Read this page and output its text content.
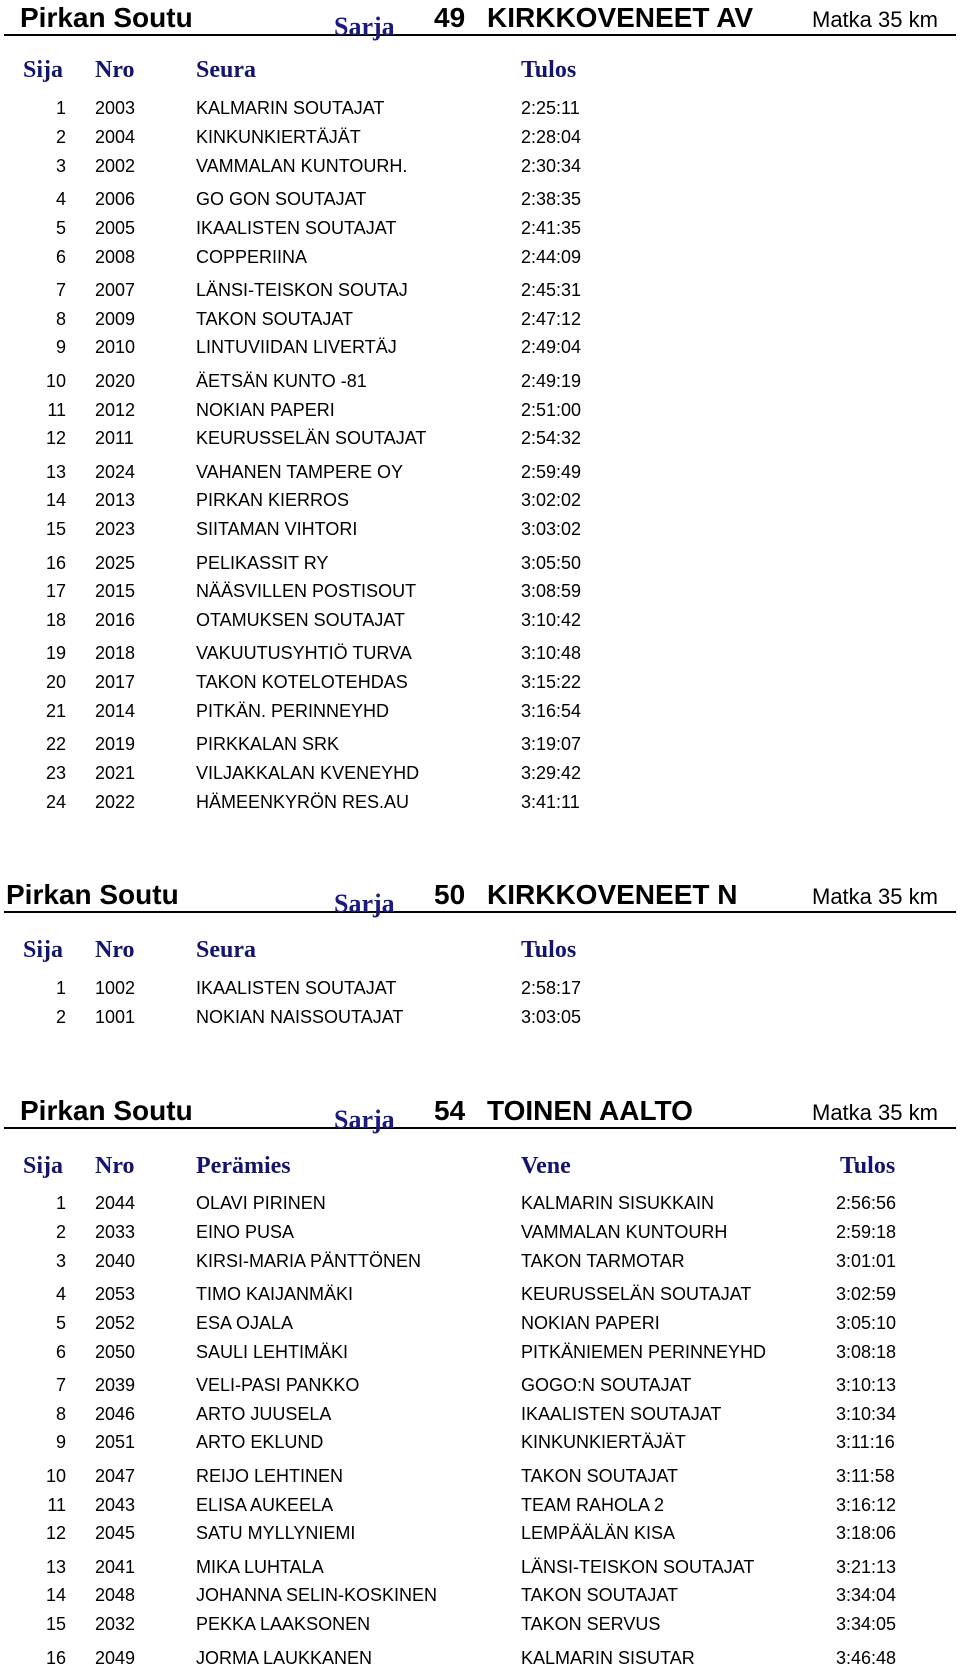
Pirkan Soutu	Sarja 49 KIRKKOVENEET AV	Matka 35 km
Sija Nro	Seura	Tulos
1 2003	KALMARIN SOUTAJAT	2:25:11
2 2004	KINKUNKIERTÄJÄT	2:28:04
3 2002	VAMMALAN KUNTOURH.	2:30:34
4 2006	GO GON SOUTAJAT	2:38:35
5 2005	IKAALISTEN SOUTAJAT	2:41:35
6 2008	COPPERIINA	2:44:09
7 2007	LÄNSI-TEISKON SOUTAJ	2:45:31
8 2009	TAKON SOUTAJAT	2:47:12
9 2010	LINTUVIIDAN LIVERTÄJ	2:49:04
10 2020	ÄETSÄN KUNTO -81	2:49:19
11 2012	NOKIAN PAPERI	2:51:00
12 2011	KEURUSSELÄN SOUTAJAT	2:54:32
13 2024	VAHANEN TAMPERE OY	2:59:49
14 2013	PIRKAN KIERROS	3:02:02
15 2023	SIITAMAN VIHTORI	3:03:02
16 2025	PELIKASSIT RY	3:05:50
17 2015	NÄÄSVILLEN POSTISOUT	3:08:59
18 2016	OTAMUKSEN SOUTAJAT	3:10:42
19 2018	VAKUUTUSYHTIÖ TURVA	3:10:48
20 2017	TAKON KOTELOTEHDAS	3:15:22
21 2014	PITKÄN. PERINNEYHD	3:16:54
22 2019	PIRKKALAN SRK	3:19:07
23 2021	VILJAKKALAN KVENEYHD	3:29:42
24 2022	HÄMEENKYRÖN RES.AU	3:41:11
Pirkan Soutu	Sarja 50 KIRKKOVENEET N	Matka 35 km
Sija Nro	Seura	Tulos
1 1002	IKAALISTEN SOUTAJAT	2:58:17
2 1001	NOKIAN NAISSOUTAJAT	3:03:05
Pirkan Soutu	Sarja 54 TOINEN AALTO	Matka 35 km
Sija Nro	Perämies	Vene	Tulos
1 2044	OLAVI PIRINEN	KALMARIN SISUKKAIN	2:56:56
2 2033	EINO PUSA	VAMMALAN KUNTOURH	2:59:18
3 2040	KIRSI-MARIA PÄNTTÖNEN	TAKON TARMOTAR	3:01:01
4 2053	TIMO KAIJANMÄKI	KEURUSSELÄN SOUTAJAT	3:02:59
5 2052	ESA OJALA	NOKIAN PAPERI	3:05:10
6 2050	SAULI LEHTIMÄKI	PITKÄNIEMEN PERINNEYHD	3:08:18
7 2039	VELI-PASI PANKKO	GOGO:N SOUTAJAT	3:10:13
8 2046	ARTO JUUSELA	IKAALISTEN SOUTAJAT	3:10:34
9 2051	ARTO EKLUND	KINKUNKIERTÄJÄT	3:11:16
10 2047	REIJO LEHTINEN	TAKON SOUTAJAT	3:11:58
11 2043	ELISA AUKEELA	TEAM RAHOLA 2	3:16:12
12 2045	SATU MYLLYNIEMI	LEMPÄÄLÄN KISA	3:18:06
13 2041	MIKA LUHTALA	LÄNSI-TEISKON SOUTAJAT	3:21:13
14 2048	JOHANNA SELIN-KOSKINEN	TAKON SOUTAJAT	3:34:04
15 2032	PEKKA LAAKSONEN	TAKON SERVUS	3:34:05
16 2049	JORMA LAUKKANEN	KALMARIN SISUTAR	3:46:48
